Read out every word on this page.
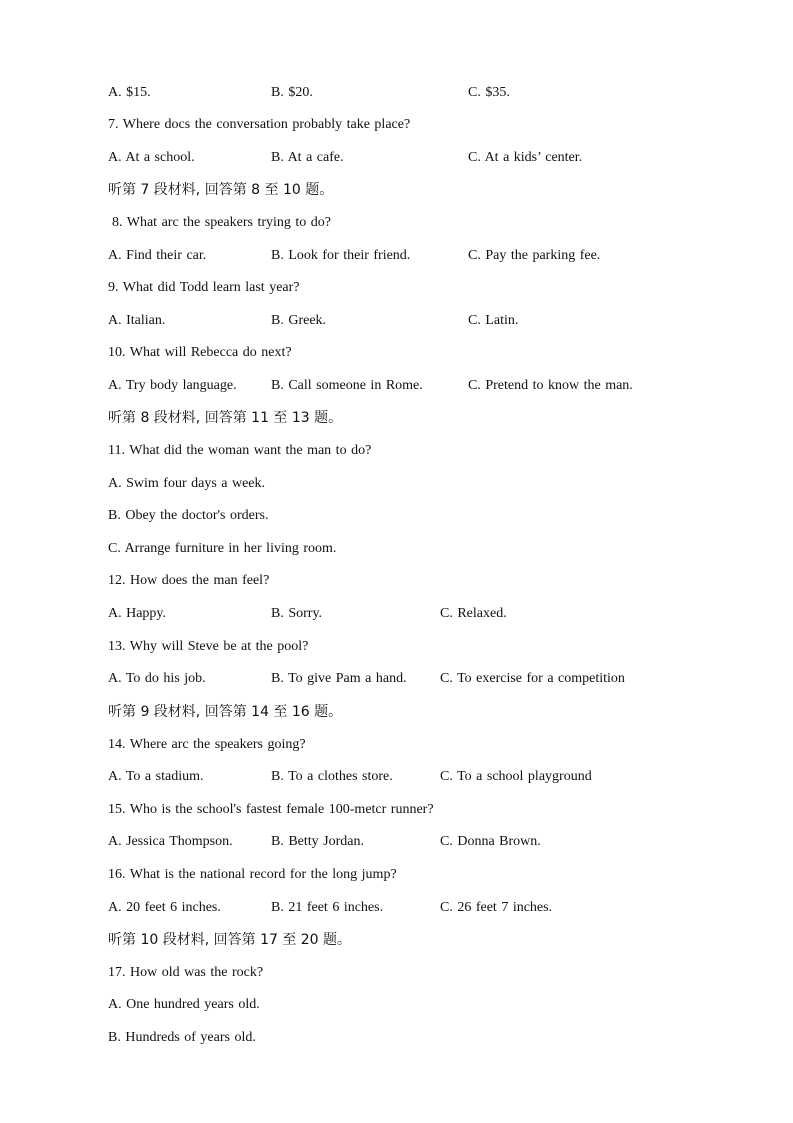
A. $15.	B. $20.	C. $35.
7. Where docs the conversation probably take place?
A. At a school.	B. At a cafe.	C. At a kids’ center.
听第 7 段材料, 回答第 8 至 10 题。
8. What arc the speakers trying to do?
A. Find their car.	B. Look for their friend.	C. Pay the parking fee.
9. What did Todd learn last year?
A. Italian.	B. Greek.	C. Latin.
10. What will Rebecca do next?
A. Try body language. B. Call someone in Rome.	C. Pretend to know the man.
听第 8 段材料, 回答第 11 至 13 题。
11. What did the woman want the man to do?
A. Swim four days a week.
B. Obey the doctor's orders.
C. Arrange furniture in her living room.
12. How does the man feel?
A. Happy.	B. Sorry.	C. Relaxed.
13. Why will Steve be at the pool?
A. To do his job.	B. To give Pam a hand. C. To exercise for a competition
听第 9 段材料, 回答第 14 至 16 题。
14. Where arc the speakers going?
A. To a stadium.	B. To a clothes store.	C. To a school playground
15. Who is the school's fastest female 100-metcr runner?
A. Jessica Thompson.	B. Betty Jordan.	C. Donna Brown.
16. What is the national record for the long jump?
A. 20 feet 6 inches.	B. 21 feet 6 inches.	C. 26 feet 7 inches.
听第 10 段材料, 回答第 17 至 20 题。
17. How old was the rock?
A. One hundred years old.
B. Hundreds of years old.
